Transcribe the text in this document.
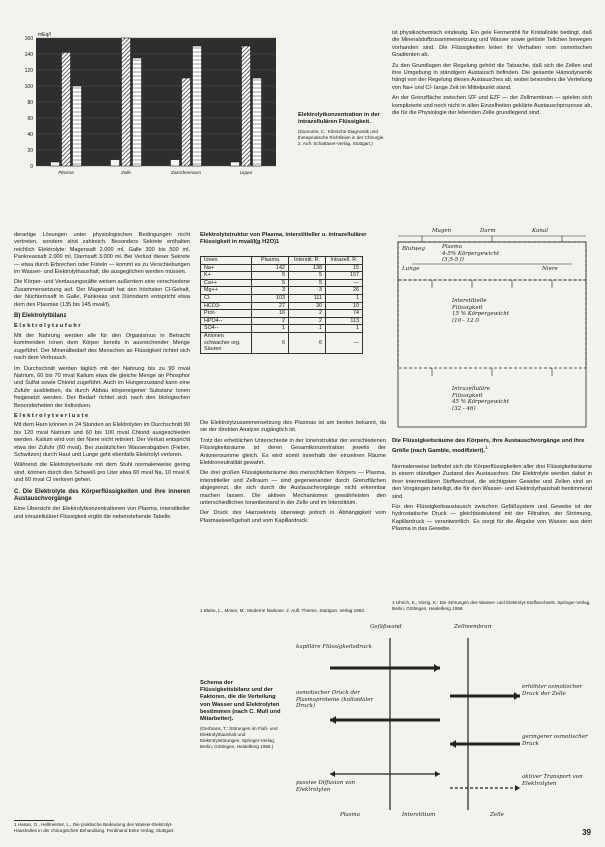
0
20
40
60
80
100
120
140
160
mEq/l
Plasma	Zelle	Zwischenraum	Liquor
Elektrolytkonzentration in der intrazellulären Flüssigkeit.
(Dumonte, C.: Klinische Diagnostik und therapeutische Richtlinien in der Chirurgie. 2. Aufl. Schattauer-Verlag, Stuttgart.)

ist physikochemisch eindeutig. Ein gele Fermenthil für Kristalloide bedingt, daß die Mineralstoffzusammensetzung und Wasser sowie gelöste Teilchen bewegen vorhanden sind. Die Flüssigkeiten leiten ihr Verhalten vom osmotischen Gradienten ab.

Zu den Grundlagen der Regelung gehört die Tatsache, daß sich die Zellen und ihre Umgebung in ständigem Austausch befinden. Die gesamte Hämodynamik hängt von der Regelung dieses Austausches ab, wobei besonders die Verteilung von Na+ und Cl- lange Zeit im Mittelpunkt stand.

An der Grenzfläche zwischen IZF und EZF — der Zellmembran — spielen sich komplizierte und noch nicht in allen Einzelheiten geklärte Austauschprozesse ab, die für die Physiologie der lebenden Zelle grundlegend sind.

derartige Lösungen unter physiologischen Bedingungen nicht vertreten, sondern sind zahlreich. Besonders Sekrete enthalten reichlich Elektrolyte: Magensaft 2.000 ml, Galle 300 bis 500 ml, Pankreassaft 2.000 ml, Darmsaft 3.000 ml. Bei Verlust dieser Sekrete — etwa durch Erbrechen oder Fisteln — kommt es zu Verschiebungen im Wasser- und Elektrolythaushalt, die ausgeglichen werden müssen.

Die Körper- und Verdauungssäfte weisen außerdem eine verschiedene Zusammensetzung auf. Der Magensaft hat den höchsten Cl-Gehalt, der Nüchternsaft in Galle, Pankreas und Dünndarm entspricht etwa dem des Plasmas (135 bis 145 mval/l).

B) Elektrolytbilanz
Elektrolytzufuhr

Mit der Nahrung werden alle für den Organismus in Betracht kommenden Ionen dem Körper bereits in ausreichender Menge zugeführt. Der Mineralbedarf des Menschen an Flüssigkeit richtet sich nach dem Verbrauch.

Im Durchschnitt werden täglich mit der Nahrung bis zu 90 mval Natrium, 60 bis 70 mval Kalium etwa die gleiche Menge an Phosphor und Sulfat sowie Chlorid zugeführt. Auch im Hungerzustand kann eine Zufuhr ausbleiben, da durch Abbau körpereigener Substanz Ionen freigesetzt werden. Der Bedarf richtet sich nach den biologischen Besonderheiten der Individuen.

Elektrolytverluste

Mit dem Harn können in 24 Stunden an Elektrolyten im Durchschnitt 90 bis 120 mval Natrium und 60 bis 100 mval Chlorid ausgeschieden werden. Kalium wird von der Niere nicht retiniert. Der Verlust entspricht etwa der Zufuhr (60 mval). Bei zusätzlichen Wasserabgaben (Fieber, Schwitzen) durch Haut und Lunge geht ebenfalls Elektrolyt verloren.

Während die Elektrolytverluste mit dem Stuhl normalerweise gering sind, können durch den Schweiß pro Liter etwa 60 mval Na, 10 mval K und 60 mval Cl verloren gehen.

C. Die Elektrolyte des Körperflüssigkeiten und ihre inneren Austauschvorgänge

Eine Übersicht der Elektrolytkonzentrationen von Plasma, interstitieller und intrazellulärer Flüssigkeit ergibt die nebenstehende Tabelle.

1 Hasan, G., Hellmeister, L., Die praktische Bedeutung des Wasser-Elektrolyt-Haushaltes in der chirurgischen Behandlung. Ferdinand Enke Verlag, Stuttgart.
Elektrolytstruktur von Plasma, interstitieller u. intrazellulärer Flüssigkeit in mval/l(g H2O)1
Ionen	Plasma	Interstit. R.	Intrazell. R.
Na+	142	138	15
K+	5	5	157
Ca++	5	5	—
Mg++	3	3	26
Cl-	103	111	1
HCO3-	27	30	10
Prot-	16	2	74
HPO4--	2	2	113
SO4--	1	1	1
Anionen schwacher org. Säuren	6	6	—

Die Elektrolytzusammensetzung des Plasmas ist am besten bekannt, da sie der direkten Analyse zugänglich ist.

Trotz der erheblichen Unterschiede in der Ionenstruktur der verschiedenen Flüssigkeitsräume ist deren Gesamtkonzentration jeweils der Anionensumme gleich. Es wird somit innerhalb der einzelnen Räume Elektroneutralität gewahrt.

Die drei großen Flüssigkeitsräume des menschlichen Körpers — Plasma, interstitieller und Zellraum — sind gegeneinander durch Grenzflächen abgegrenzt, die sich durch die Austauschvorgänge nicht erkennbar machen lassen. Die aktiven Mechanismen gewährleisten den unterschiedlichen Ionenbestand in der Zelle und im Interstitium.

Der Druck des Harnsekrets überwiegt jedoch in Abhängigkeit vom Plasmaeiweißgehalt und vom Kapillardruck.

1 Blahe, L., Moser, M., Moderne Narkose. 2. Aufl. Thieme, Stuttgart. Verlag 1963.
Schema der Flüssigkeitsbilanz und der Faktoren, die die Verteilung von Wasser und Elektrolyten bestimmen (nach C. Mull und Mitarbeiter).
(Gerbrans, T.: Störungen im Fluß- und Elektrolythaushalt und Elektrolytstörungen. Springer-Verlag, Berlin, Göttingen, Heidelberg 1958.)
Magen	Darm	Kanal
Blutweg
Niere
Lunge
Plasma
4-5% Körpergewicht
(3,5-5 l)
Interstitielle
Flüssigkeit
15 % Körpergewicht
(10 - 12 l)
Intrazelluläre
Flüssigkeit
45 % Körpergewicht
(32 - 46)
Die Flüssigkeitsräume des Körpers, ihre Austauschvorgänge und ihre Größe (nach Gamble, modifiziert).$^1$

Normalerweise befindet sich die Körperflüssigkeiten aller drei Flüssigkeitsräume in einem ständigen Zustand des Austausches. Die Elektrolyte werden dabei in ihrer intermediären Stoffwechsel, die wichtigsten Gewebe und Zellen sind an den Vorgängen beteiligt, die für den Wasser- und Elektrolythaushalt bestimmend sind.

Für den Flüssigkeitsaustausch zwischen Gefäßsystem und Gewebe ist der hydrostatische Druck — gleichbedeutend mit der Filtration, der Strömung, Kapillardruck — verantwortlich. Es sorgt für die Abgabe von Wasser aus dem Plasma in das Gewebe.

1 Uhrich, K., Vierig, K.: Die Störungen des Wasser- und Elektrolyt-Stoffwechsels. Springer-Verlag, Berlin, Göttingen, Heidelberg 1958.
Gefäßwand	Zellmembran
kapilläre Flüssigkeitsdruck
osmotischer Druck der Plasmaproteine (kolloidaler Druck)
passive Diffusion von Elektrolyten
erhöhter osmotischer Druck der Zelle
geringerer osmotischer Druck
aktiver Transport von Elektrolyten
Plasma	Interstitium	Zelle
39
